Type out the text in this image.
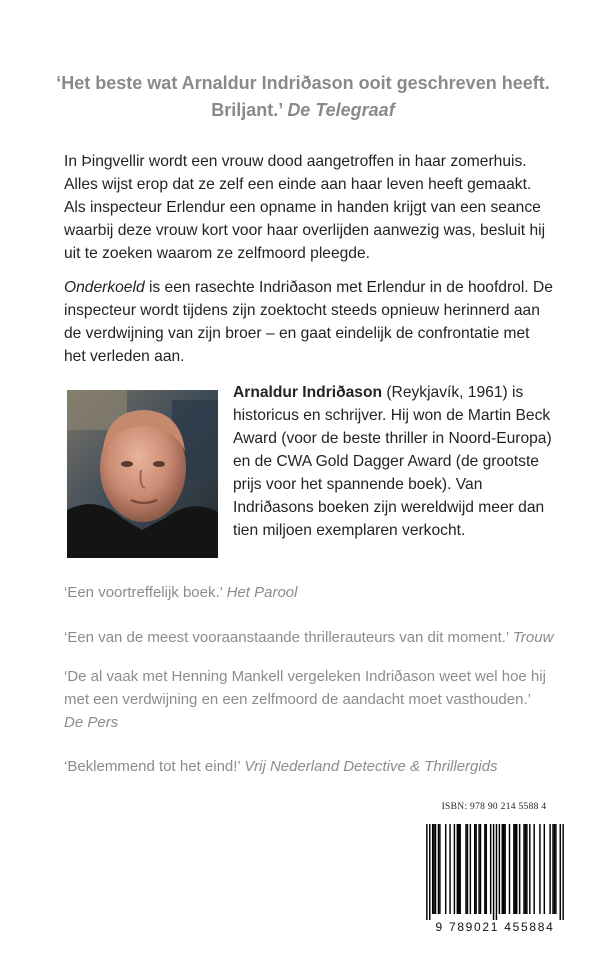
‘Het beste wat Arnaldur Indriðason ooit geschreven heeft. Briljant.’ De Telegraaf

In Þingvellir wordt een vrouw dood aangetroffen in haar zomerhuis. Alles wijst erop dat ze zelf een einde aan haar leven heeft gemaakt. Als inspecteur Erlendur een opname in handen krijgt van een seance waarbij deze vrouw kort voor haar overlijden aanwezig was, besluit hij uit te zoeken waarom ze zelfmoord pleegde.

Onderkoeld is een rasechte Indriðason met Erlendur in de hoofdrol. De inspecteur wordt tijdens zijn zoektocht steeds opnieuw herinnerd aan de verdwijning van zijn broer – en gaat eindelijk de confrontatie met het verleden aan.

Arnaldur Indriðason (Reykjavík, 1961) is historicus en schrijver. Hij won de Martin Beck Award (voor de beste thriller in Noord-Europa) en de CWA Gold Dagger Award (de grootste prijs voor het spannende boek). Van Indriðasons boeken zijn wereldwijd meer dan tien miljoen exemplaren verkocht.

‘Een voortreffelijk boek.’ Het Parool

‘Een van de meest vooraanstaande thrillerauteurs van dit moment.’ Trouw

‘De al vaak met Henning Mankell vergeleken Indriðason weet wel hoe hij met een verdwijning en een zelfmoord de aandacht moet vasthouden.’
De Pers

‘Beklemmend tot het eind!’ Vrij Nederland Detective & Thrillergids

ISBN: 978 90 214 5588 4

9 789021 455884
